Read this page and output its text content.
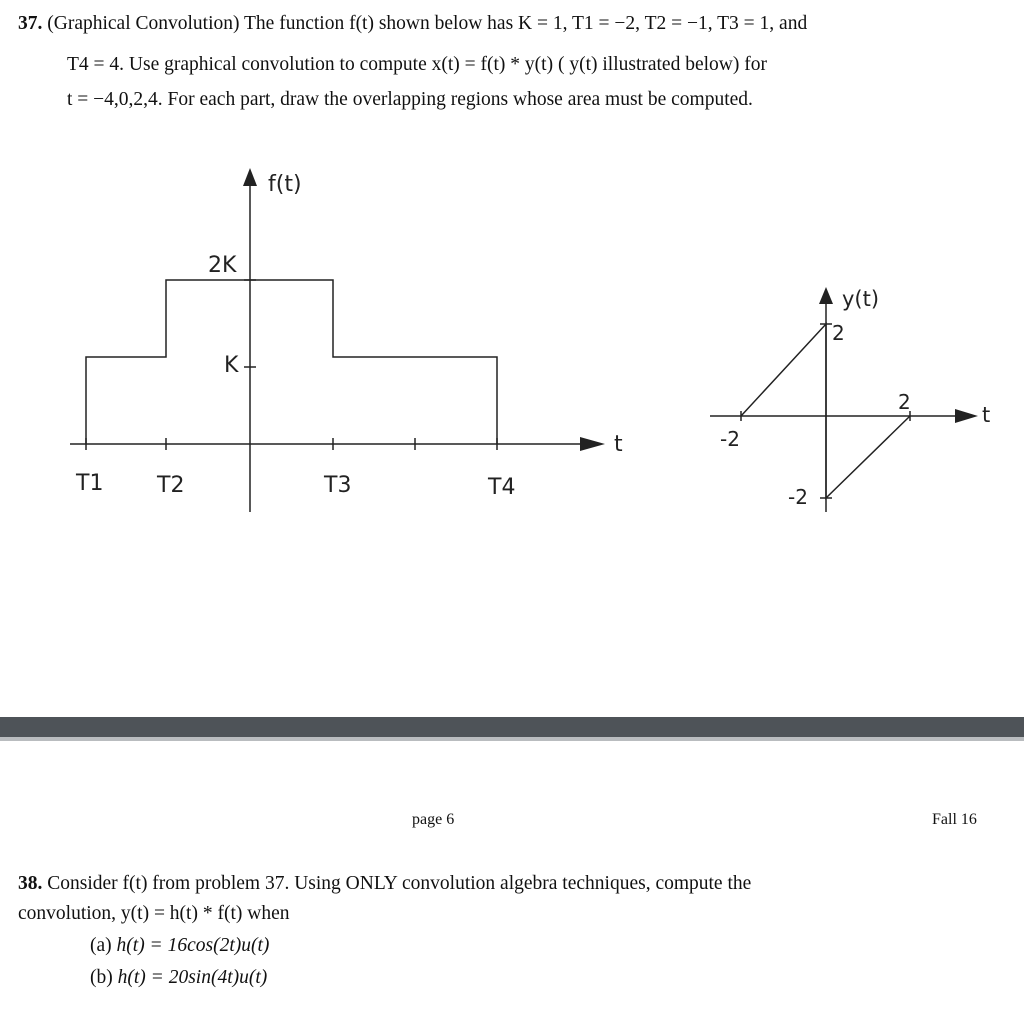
37. (Graphical Convolution) The function f(t) shown below has K = 1, T1 = −2, T2 = −1, T3 = 1, and
T4 = 4. Use graphical convolution to compute x(t) = f(t) * y(t) ( y(t) illustrated below) for
t = −4,0,2,4. For each part, draw the overlapping regions whose area must be computed.
f(t)
2K
K
t
T1 T2	T3	T4
y(t)
2
2
t
-2
-2
page 6	Fall 16
38. Consider f(t) from problem 37. Using ONLY convolution algebra techniques, compute the
convolution, y(t) = h(t) * f(t) when
(a) h(t) = 16cos(2t)u(t)
(b) h(t) = 20sin(4t)u(t)
